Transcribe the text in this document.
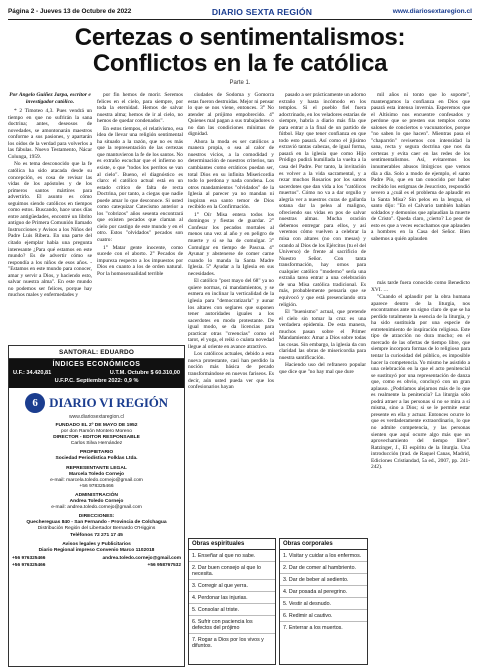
Página 2 - Jueves 13 de Octubre de 2022	DIARIO SEXTA REGIÓN	www.diariosextaregion.cl
Certezas o sentimentalismos:
Conflictos en la fe católica
Parte 1.
Por Ángelo Guíñez Jarpa, escritor e investigador católico.

* 2 Timoteo 4,3. Pues vendrá un tiempo en que no sufrirán la sana doctrina; antes, deseosos de novedades, se amontonarán maestros conforme a sus pasiones, y apartarán los oídos de la verdad para volverlos a las fábulas. Nuevo Testamento, Nácar Colunga, 1959.

No es tema desconocido que la fe católica ha sido atacada desde su concepción, es cosa de revisar las vidas de los apóstoles y de los primeros santos mártires para advertirlo. El asunto es cómo seguimos siendo católicos en tiempos como estos. Buscando, hace unos días entre antigüedades, encontré un librito antiguo de Primera Comunión llamado Instrucciones y Avisos a los Niños del Padre Luis Ribera. En una parte del citado ejemplar había una pregunta interesante ¿Para qué estamos en este mundo? Es de advertir cómo se respondía a los niños de esos años. - "Estamos en este mundo para conocer, amar y servir a Dios, y haciendo esto, salvar nuestra alma". En este mundo no podemos ser felices, porque hay muchos males y enfermedades y

por fin hemos de morir. Seremos felices en el cielo, para siempre, por toda la eternidad. Hemos de salvar nuestra alma; hemos de ir al cielo, no hemos de quedar condenados".

En estos tiempos, el relativismo, esa idea de llevar una religión sentimental ha situado a la razón, que no es más que la representación de las certezas que mantuvieron la fe de los santos. No es extraño escuchar que el infierno no existe, o que "todos los perritos se van al cielo". Bueno, el diagnóstico es claro: el católico actual está en un estado crítico de falta de recta Doctrina, por tanto, a ciegas que nadie puede amar lo que desconoce. Si usted como catequizar Catecismo anterior a los "cobrizos" años sesenta encontrará que existen pecados que claman al cielo por castigo de este mundo y en el otro. Estos "olvidados" pecados son cuatro:

1° Matar gente inocente, como sucede con el aborto. 2° Pecados de impureza respecto a los impuestos por Dios en cuanto a los de orden natural. Por la homosexualidad terrible

ciudades de Sodoma y Gomorra estas fueron destruidas. Mejor ni pensar lo que se nos viene, entonces. 3° No atender al prójimo empobrecido. 4° Quienes mal pagan a sus trabajadores o no dan las condiciones mínimas de dignidad.

Ahora la moda es ser católicos a manera propia, o sea al calor de nuestros vicios, a la comodidad y determinación de nuestros criterios, tan cambiantes como erráticos puedan ser, total Dios en su infinita Misericordia todo lo perdona y nada condena. Los otros mandamientos "olvidados" de la Iglesia al parecer ya no mandan ni inspiran esa santo temor de Dios recibido en la Confirmación.

1° Oír Misa entera todos los domingos y fiestas de guardar. 2° Confesar los pecados mortales al menos una vez al año y en peligro de muerte y si se ha de comulgar. 3° Comulgar en tiempo de Pascua. 4° Ayunar y abstenerse de comer carne cuando lo manda la Santa Madre Iglesia. 5° Ayudar a la Iglesia en sus necesidades.

El católico "post mayo del 68" ya no quiere normas, ni mandamientos, y se esmera en inclinar la verticalidad de la iglesia para "democratizarla" y aunar los altares con seglares que suponen tener autoridades iguales a los sacerdotes en modo protestante. De igual modo, se da licencias para practicar otras "creencias" como el tarot, el yoga, el reiki o cuánta novedad llegue al oriente en avance atractivo.

Los católicos actuales, debido a esta nueva protestante, casi han perdido la noción más básica de pecado transformándose en nuevos fariseos. Es decir, aún usted pueda ver que los confesionarios hayan

pasado a ser prácticamente un adorno extraño y hasta incómodo en los templos. Si el pueblo fiel fuera adoctrinado, en los veladores estarías de siempre, habría a diario más fila que para entrar a la final de un partido de fútbol. Hay que tener confianza en que todo esto pasará. Así como el jijisimo extravió tantas cabezas, de igual forma, pasará en la iglesia que como Hijo Pródigo pudirá humillada la vuelta a la casa del Padre. Por tanto, la invitación es volver a la vida sacramental, y a rezar muchos Rosarios por los santos sacerdotes que dan vida a los "católicos muertos". Cómo no va a dar orgullo y alegría ver a nuestros curas de gallarda sotana dar la pelea al maligno, ofreciendo sus vidas en pos de salvar nuestras almas. Mucha oración debemos entregar para ellos, y así veremos cómo vuelven a celebrar la misa con altares (no con mesas) y orando al Dios de los Ejércitos (tu el del Universo) de frente al sacrificio de Nuestro Señor. Con tanta transformación, hay ornos para cualquier católico "moderno" sería una extraña tarea entrar a una celebración de una Misa católica tradicional. Es más, probablemente pensaría que se equivocó y que está presenciando otra religión.

El "buenismo" actual, que pretende el cielo sin tomar la cruz es una verdadera epidemia. De esta manera, muchos pasan sobre el Primer Mandamiento: Amar a Dios sobre todas las cosas. Sin embargo, la iglesia da con claridad las obras de misericordia para nuestra santificación.

Haciendo uso del refranero popular que dice que "no hay mal que dure

mil años ni tonto que lo soporte", mantengamos la confianza en Dios que pasará esta intensa invernia. Esperemos que el Altísimo nos encuentre confesados y perdone que se presten sus templos como salones de conciertos o vacunatorios, porque "no saben lo que hacen". Mientras pasa el "chaparrón" revisemos con intensidad la sana, recta y segura doctrina que nos da certezas y evita caer en las redes de los sentimentalismos. Así, evitaremos los innumerables abusos litúrgicos que vemos día a día. Solo a modo de ejemplo, el santo Padre Pío, que en tan conocido por haber recibido los estigmas de Jesucristo, respondió severo a ¿cuál es el problema de aplaudir en la Santa Misa? Sin pelos en la lengua, el santo dijo: "En el Calvario también habían soldados y demonios que aplaudían la muerte de Cristo". Queda claro, ¿cierto? Lo peor de esto es que a veces escuchamos que aplauden a hombres en la Casa del Señor. Bien sabemos a quién aplauden

más tarde fuera conocido como Benedicto XVI. …

"Cuando el aplaudir por la obra humana aparece dentro de la liturgia, nos encontramos ante un signo claro de que se ha perdido totalmente la esencia de la liturgia, y ha sido sustituida por una especie de entretenimiento de inspiración religiosa. Este tipo de atracción no dura mucho; en el mercado de las ofertas de tiempo libre, que siempre incorpora formas de lo religioso para tentar la curiosidad del público, es imposible hacer la competencia. Yo mismo he asistido a una celebración en la que el acto penitencial se sustituyó por una representación de danza que, como es obvio, concluyó con un gran aplauso. ¿Podríamos alejarnos más de lo que es realmente la penitencia? La liturgia sólo podrá atraer a las personas si no se mira a sí misma, sino a Dios; si se le permite estar presente en ella y actuar. Entonces ocurre lo que es verdaderamente extraordinario, lo que no admite competencia, y las personas sienten que aquí ocurre algo más que un aprovechamiento del tiempo libre". Ratzinger, J., El espíritu de la liturgia. Una introducción (trad. de Raquel Canas, Madrid, Ediciones Cristiandad, 5a ed., 2007, pp. 241-242).

SANTORAL: EDUARDO
ÍNDICES ECONÓMICOS
U.F.: 34.420,81	U.T.M. Octubre $ 60.310,00
U.F.P.C. Septiembre 2022: 0,9 %
6 DIARIO VI REGIÓN
www.diariosextaregion.cl
FUNDADO EL 2º DE MAYO DE 1952
por don Ramón Montero Moreno
DIRECTOR - EDITOR RESPONSABLE
Carlos Silva Hernández
PROPIETARIO
Sociedad Periodística Folklas Ltda.
REPRESENTANTE LEGAL
Marcela Toledo Cornejo
e-mail: marcela.toledo.cornejo@gmail.com
+56 978325466
ADMINISTRACIÓN
Andrea Toledo Cornejo
e-mail: andrea.toledo.cornejo@gmail.com
DIRECCIONES:
Quechereguas 840 - San Fernando - Provincia de Colchagua
Distribución Región del Libertador Bernardo O'Higgins
Teléfonos 72 271 17 45
Avisos legales y Publicitarios
Diario Regional impreso Convenio Marco 1102018
+56 976325466	andrea.toledo.cornejo@gmail.com
+56 976325466	+56 958767532
Obras espirituales
1. Enseñar al que no sabe.
2. Dar buen consejo al que lo necesita.
3. Corregir al que yerra.
4. Perdonar las injurias.
5. Consolar al triste.
6. Sufrir con paciencia los defectos del prójimo
7. Rogar a Dios por los vivos y difuntos.
Obras corporales
1. Visitar y cuidar a los enfermos.
2. Dar de comer al hambriento.
3. Dar de beber al sediento.
4. Dar posada al peregrino.
5. Vestir al desnudo.
6. Redimir al cautivo.
7. Enterrar a los muertos.
